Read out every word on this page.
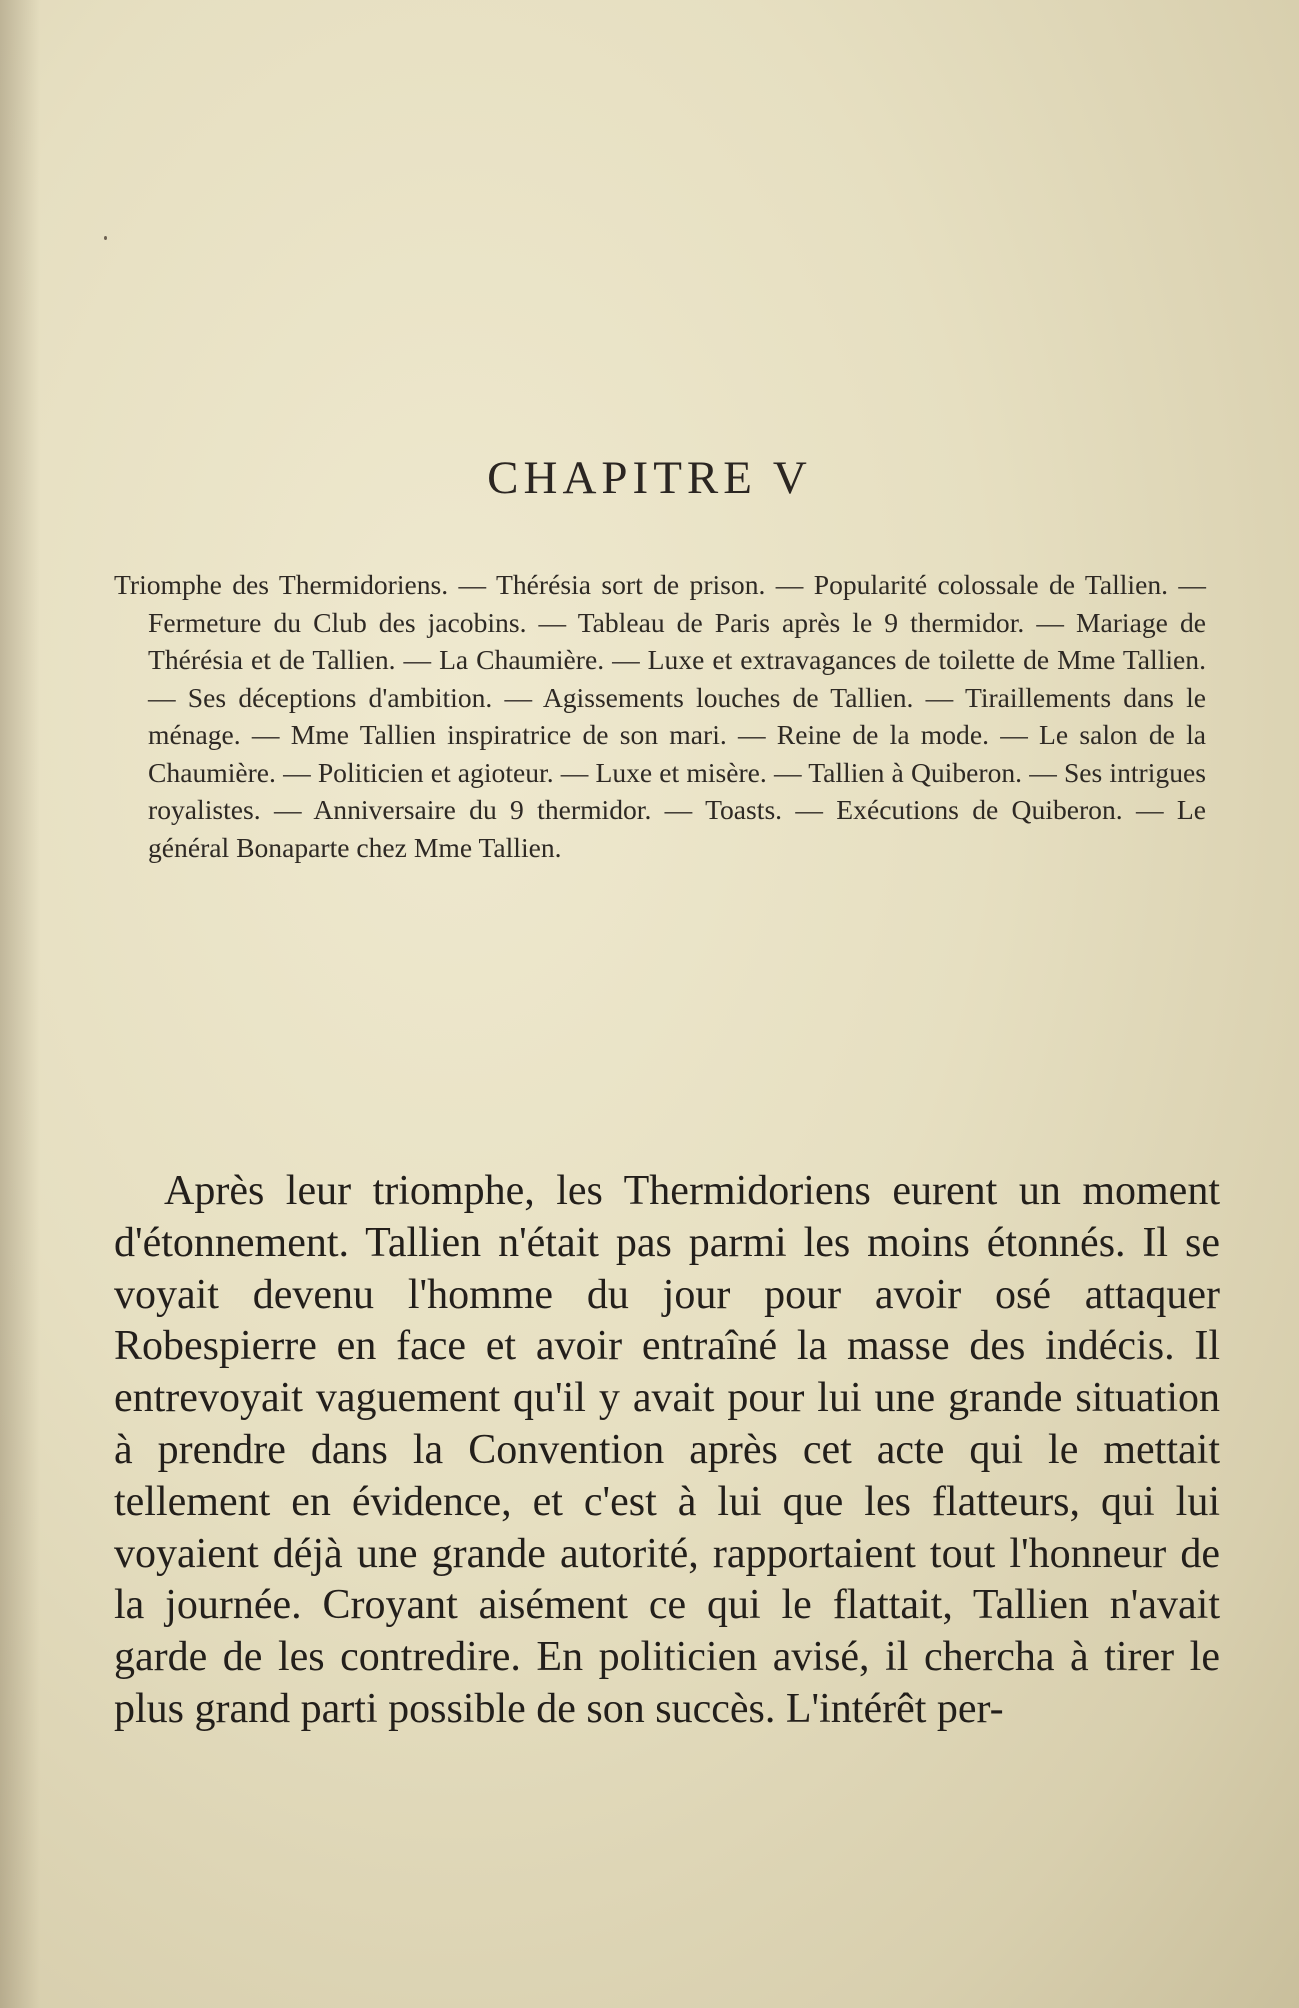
CHAPITRE V

Triomphe des Thermidoriens. — Thérésia sort de prison. — Popularité colossale de Tallien. — Fermeture du Club des jacobins. — Tableau de Paris après le 9 thermidor. — Mariage de Thérésia et de Tallien. — La Chaumière. — Luxe et extravagances de toilette de Mme Tallien. — Ses déceptions d'ambition. — Agissements louches de Tallien. — Tiraillements dans le ménage. — Mme Tallien inspiratrice de son mari. — Reine de la mode. — Le salon de la Chaumière. — Politicien et agioteur. — Luxe et misère. — Tallien à Quiberon. — Ses intrigues royalistes. — Anniversaire du 9 thermidor. — Toasts. — Exécutions de Quiberon. — Le général Bonaparte chez Mme Tallien.

Après leur triomphe, les Thermidoriens eurent un moment d'étonnement. Tallien n'était pas parmi les moins étonnés. Il se voyait devenu l'homme du jour pour avoir osé attaquer Robespierre en face et avoir entraîné la masse des indécis. Il entrevoyait vaguement qu'il y avait pour lui une grande situation à prendre dans la Convention après cet acte qui le mettait tellement en évidence, et c'est à lui que les flatteurs, qui lui voyaient déjà une grande autorité, rapportaient tout l'honneur de la journée. Croyant aisément ce qui le flattait, Tallien n'avait garde de les contredire. En politicien avisé, il chercha à tirer le plus grand parti possible de son succès. L'intérêt per-
